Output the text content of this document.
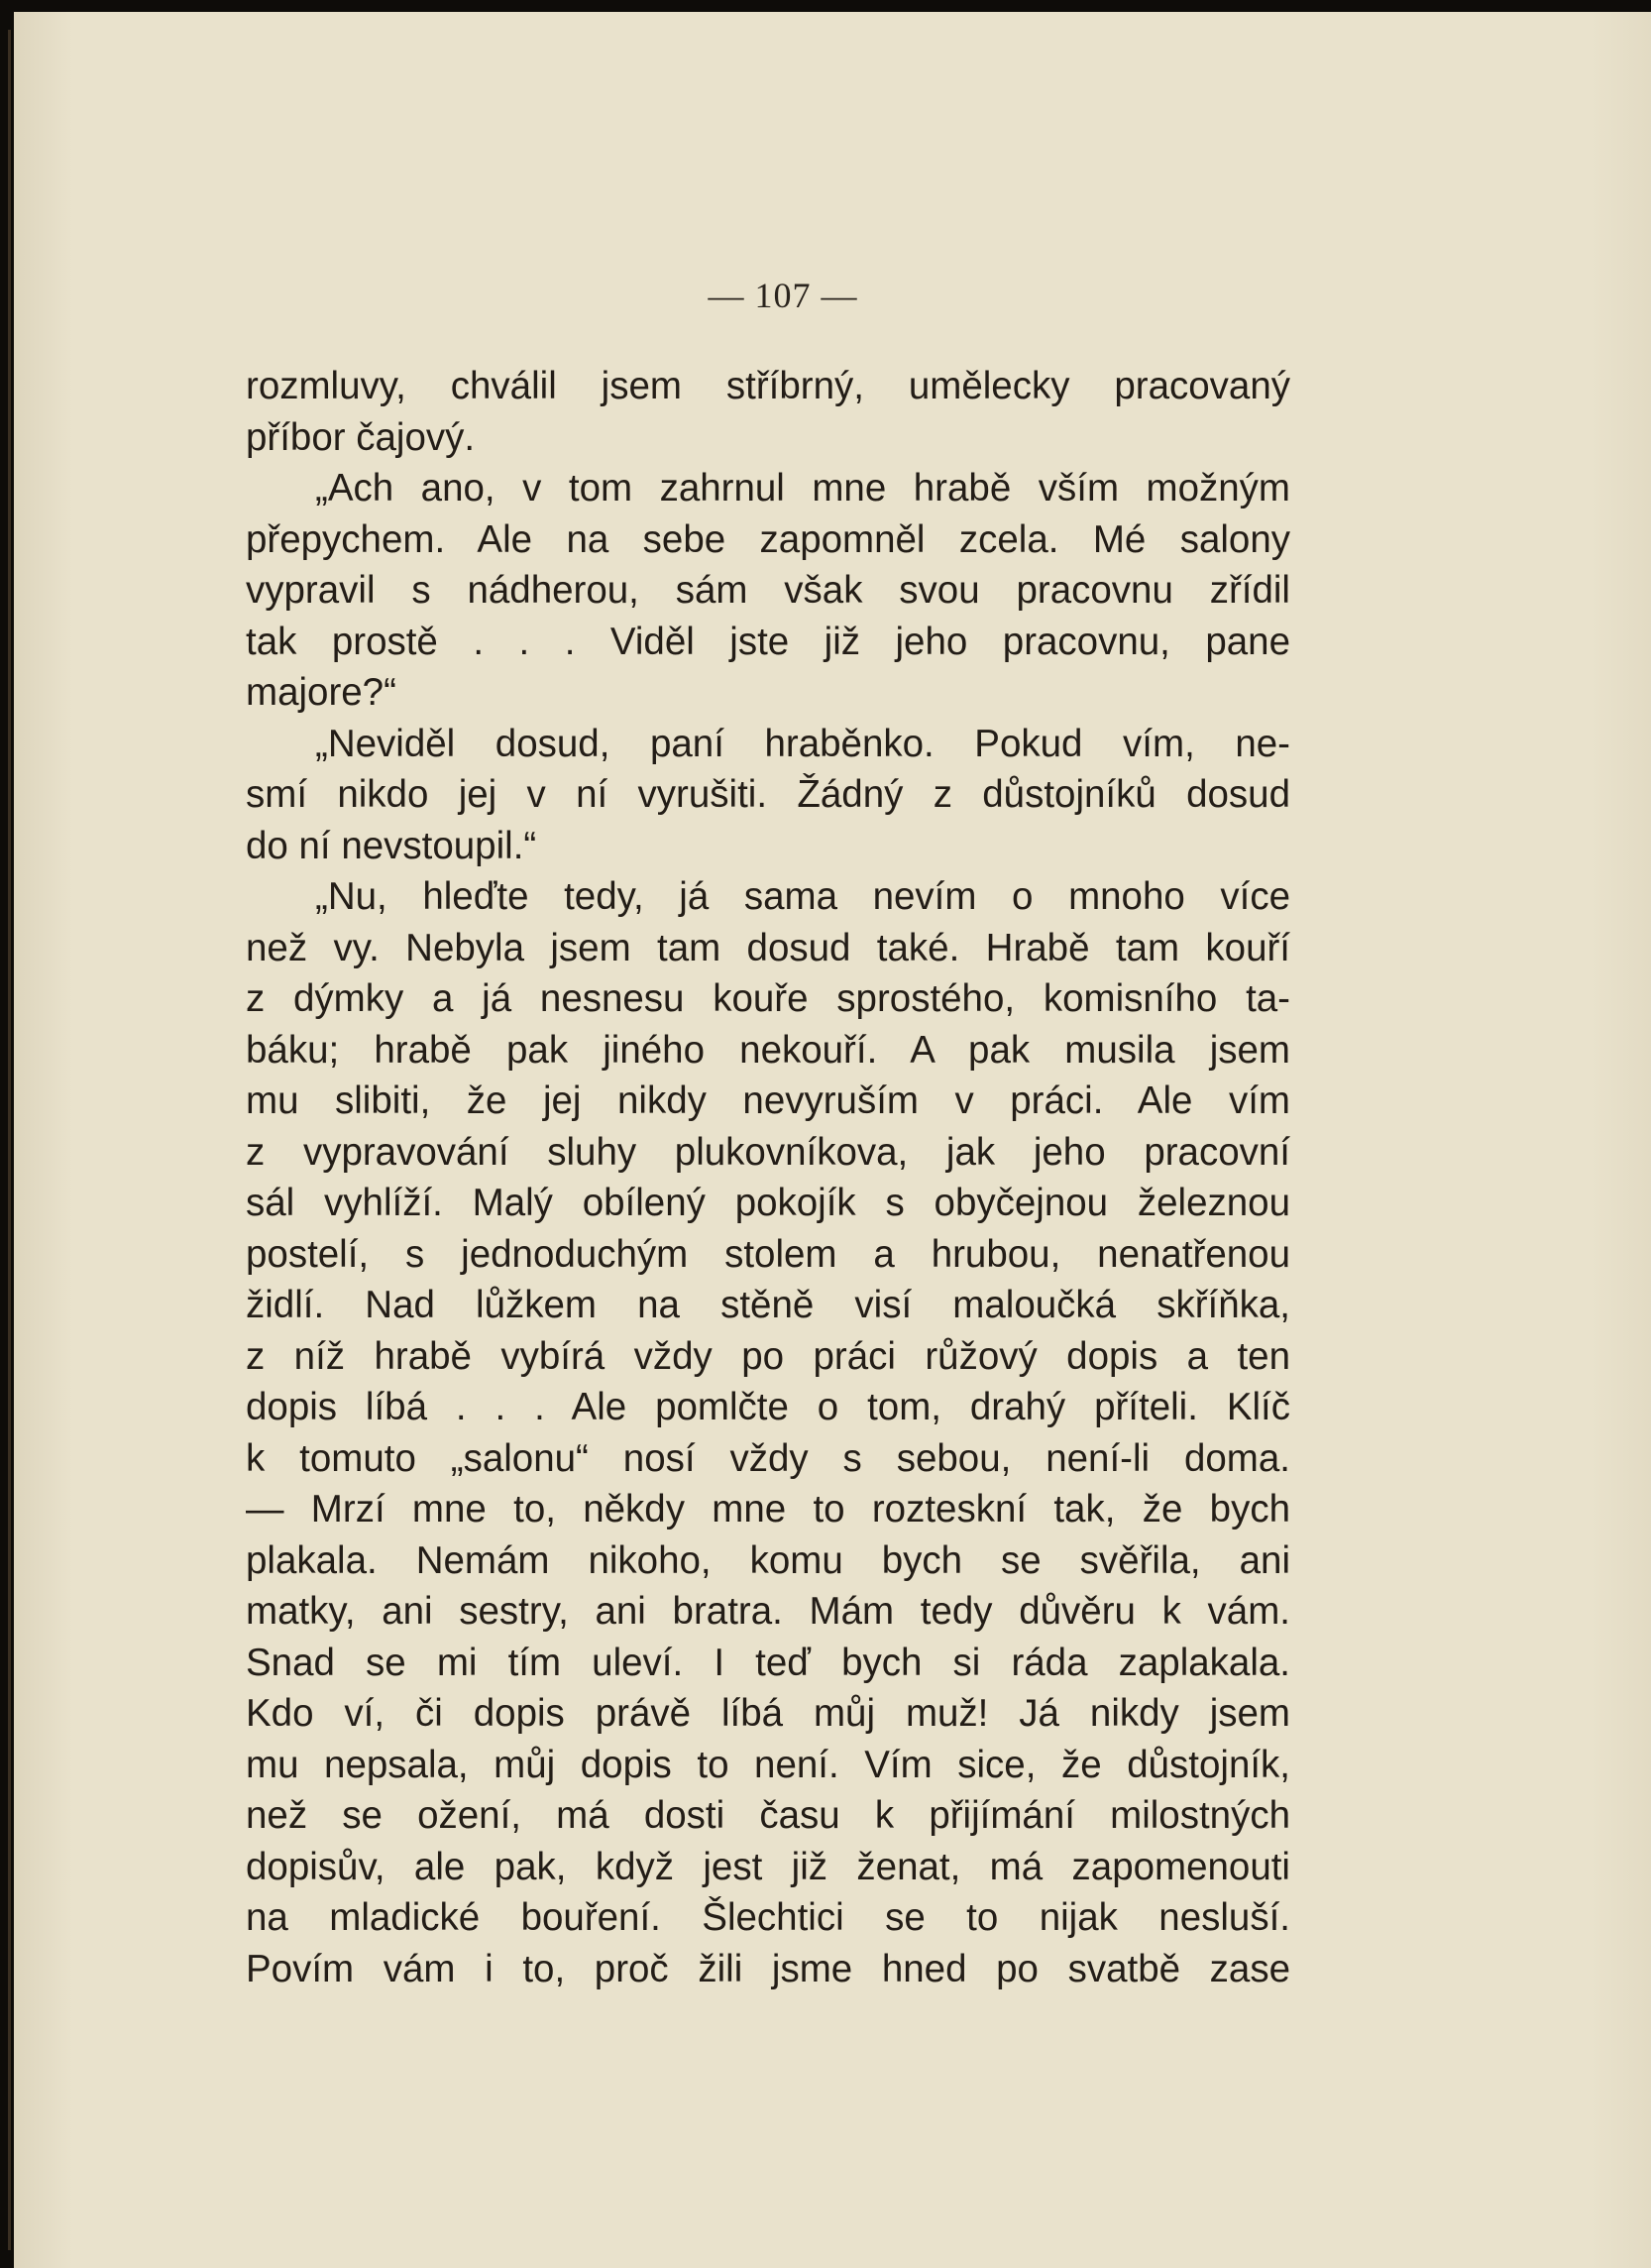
— 107 —
rozmluvy, chválil jsem stříbrný, umělecky pracovaný
příbor čajový.
„Ach ano, v tom zahrnul mne hrabě vším možným
přepychem. Ale na sebe zapomněl zcela. Mé salony
vypravil s nádherou, sám však svou pracovnu zřídil
tak prostě . . . Viděl jste již jeho pracovnu, pane
majore?“
„Neviděl dosud, paní hraběnko. Pokud vím, ne-
smí nikdo jej v ní vyrušiti. Žádný z důstojníků dosud
do ní nevstoupil.“
„Nu, hleďte tedy, já sama nevím o mnoho více
než vy. Nebyla jsem tam dosud také. Hrabě tam kouří
z dýmky a já nesnesu kouře sprostého, komisního ta-
báku; hrabě pak jiného nekouří. A pak musila jsem
mu slibiti, že jej nikdy nevyruším v práci. Ale vím
z vypravování sluhy plukovníkova, jak jeho pracovní
sál vyhlíží. Malý obílený pokojík s obyčejnou železnou
postelí, s jednoduchým stolem a hrubou, nenatřenou
židlí. Nad lůžkem na stěně visí maloučká skříňka,
z níž hrabě vybírá vždy po práci růžový dopis a ten
dopis líbá . . . Ale pomlčte o tom, drahý příteli. Klíč
k tomuto „salonu“ nosí vždy s sebou, není-li doma.
— Mrzí mne to, někdy mne to rozteskní tak, že bych
plakala. Nemám nikoho, komu bych se svěřila, ani
matky, ani sestry, ani bratra. Mám tedy důvěru k vám.
Snad se mi tím uleví. I teď bych si ráda zaplakala.
Kdo ví, či dopis právě líbá můj muž! Já nikdy jsem
mu nepsala, můj dopis to není. Vím sice, že důstojník,
než se ožení, má dosti času k přijímání milostných
dopisův, ale pak, když jest již ženat, má zapomenouti
na mladické bouření. Šlechtici se to nijak nesluší.
Povím vám i to, proč žili jsme hned po svatbě zase
